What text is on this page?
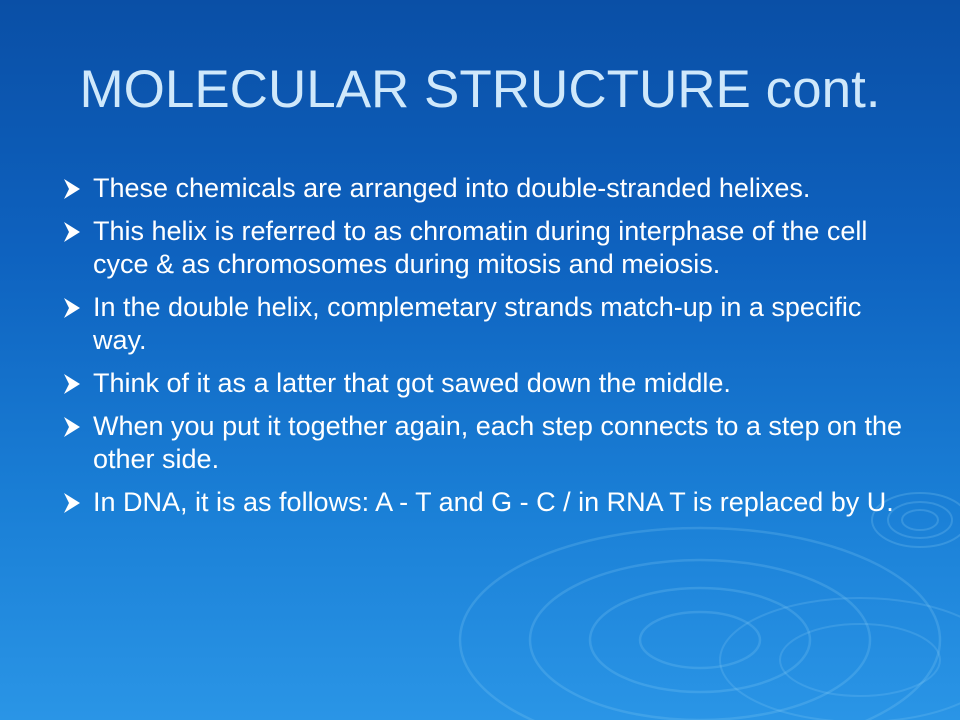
MOLECULAR STRUCTURE cont.
These chemicals are arranged into double-stranded helixes.
This helix is referred to as chromatin during interphase of the cell cyce & as chromosomes during mitosis and meiosis.
In the double helix, complemetary strands match-up in a specific way.
Think of it as a latter that got sawed down the middle.
When you put it together again, each step connects to a step on the other side.
In DNA, it is as follows: A - T and G - C / in RNA T is replaced by U.
